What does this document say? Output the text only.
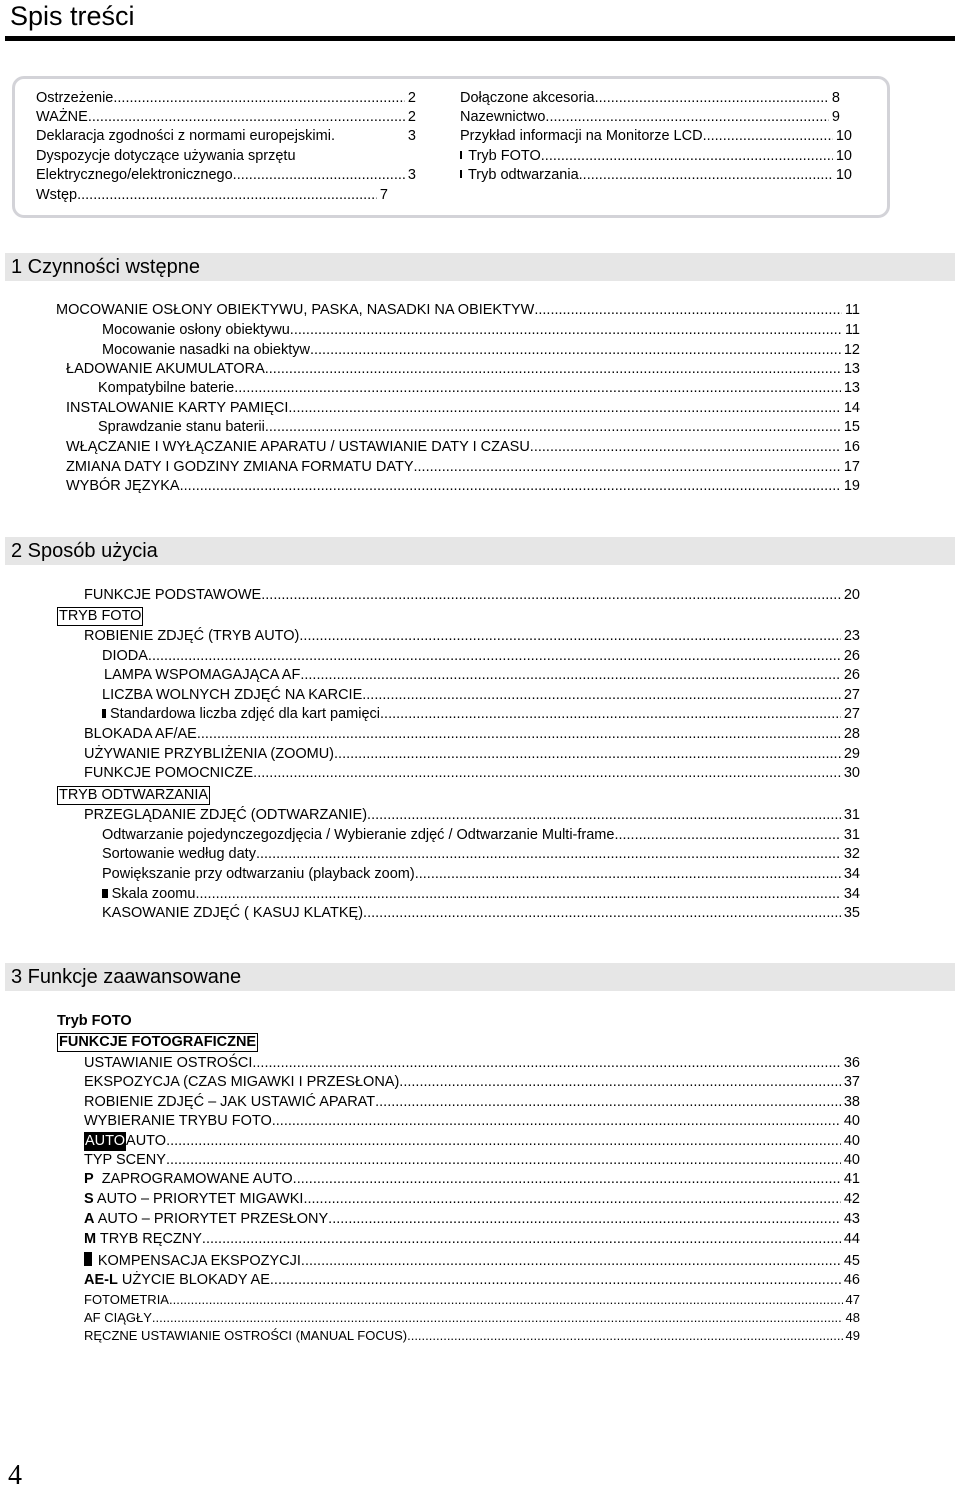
Spis treści
Ostrzeżenie .....	2
WAŻNE .....	2
Deklaracja zgodności z normami europejskimi.	3
Dyspozycje dotyczące używania sprzętu
Elektrycznego/elektronicznego. .....	3
Wstęp .....	7
Dołączone akcesoria .....	8
Nazewnictwo .....	9
Przykład informacji na Monitorze LCD .....	10
Tryb FOTO .....	10
Tryb odtwarzania .....	10
1 Czynności wstępne
MOCOWANIE OSŁONY OBIEKTYWU, PASKA, NASADKI NA OBIEKTYW .....	11
Mocowanie osłony obiektywu .....	11
Mocowanie nasadki na obiektyw .....	12
ŁADOWANIE AKUMULATORA .....	13
Kompatybilne baterie .....	13
INSTALOWANIE KARTY PAMIĘCI .....	14
Sprawdzanie stanu baterii .....	15
WŁĄCZANIE I WYŁĄCZANIE APARATU / USTAWIANIE DATY I CZASU .....	16
ZMIANA DATY I GODZINY ZMIANA FORMATU DATY .....	17
WYBÓR JĘZYKA .....	19
2 Sposób użycia
FUNKCJE PODSTAWOWE .....	20
TRYB FOTO
ROBIENIE ZDJĘĆ (TRYB AUTO) .....	23
DIODA .....	26
LAMPA WSPOMAGAJĄCA AF .....	26
LICZBA WOLNYCH ZDJĘĆ NA KARCIE .....	27
Standardowa liczba zdjęć dla kart pamięci .....	27
BLOKADA AF/AE .....	28
UŻYWANIE PRZYBLIŻENIA (ZOOMU) .....	29
FUNKCJE POMOCNICZE .....	30
TRYB ODTWARZANIA
PRZEGLĄDANIE ZDJĘĆ (ODTWARZANIE) .....	31
Odtwarzanie pojedynczegozdjęcia / Wybieranie zdjęć / Odtwarzanie Multi-frame .....	31
Sortowanie według daty .....	32
Powiększanie przy odtwarzaniu (playback zoom) .....	34
Skala zoomu .....	34
KASOWANIE ZDJĘĆ ( KASUJ KLATKĘ) .....	35
3 Funkcje zaawansowane
Tryb FOTO
FUNKCJE FOTOGRAFICZNE
USTAWIANIE OSTROŚCI .....	36
EKSPOZYCJA (CZAS MIGAWKI I PRZESŁONA) .....	37
ROBIENIE ZDJĘĆ – JAK USTAWIĆ APARAT .....	38
WYBIERANIE TRYBU FOTO .....	40
AUTO AUTO .....	40
TYP SCENY .....	40
P ZAPROGRAMOWANE AUTO .....	41
S AUTO – PRIORYTET MIGAWKI .....	42
A AUTO – PRIORYTET PRZESŁONY .....	43
M TRYB RĘCZNY .....	44
KOMPENSACJA EKSPOZYCJI .....	45
AE-L UŻYCIE BLOKADY AE .....	46
FOTOMETRIA .....	47
AF CIĄGŁY .....	48
RĘCZNE USTAWIANIE OSTROŚCI (MANUAL FOCUS) .....	49
4
